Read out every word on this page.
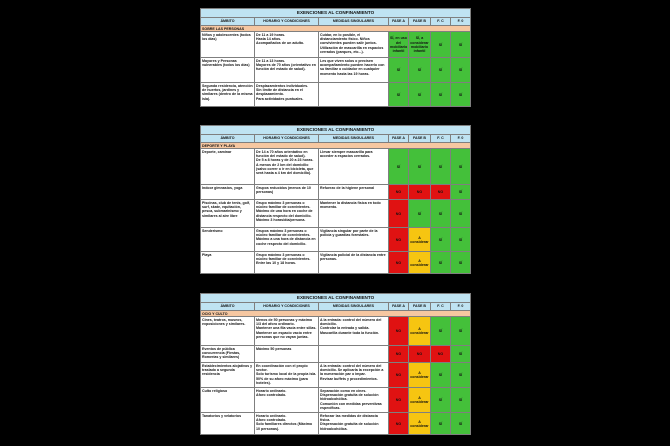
EXENCIONES AL CONFINAMIENTO						
ÁMBITO	HORARIO Y CONDICIONES	MEDIDAS SINGULARES	FASE A	FASE B	F. C	F. 0
SOBRE LAS PERSONAS						
Niños y adolescentes (todos los días)	De 11 a 19 horas.
Hasta 14 años.
Acompañados de un adulto.	Cuidar, en lo posible, el distanciamiento físico. Niños convivientes pueden salir juntos. Utilización de mascarilla en espacios cerrados (parques, etc...).	SÍ, en uso del mobiliario infantil	SÍ, a considerar mobiliario infantil	SÍ	SÍ
Mayores y Personas vulnerables (todos los días)	De 11 a 13 horas.
Mayores de 70 años (orientativo en función del estado de salud).	Les que viven solos o precisen acompañamiento pueden hacerlo con su familiar o cuidador en cualquier momento hasta las 19 horas.	SÍ	SÍ	SÍ	SÍ
Segunda residencia, atención de huertos, jardines y similares (dentro de la misma isla).	Desplazamientos individuales.
Sin límite de distancia en el desplazamiento.
Para actividades puntuales.		SÍ	SÍ	SÍ	SÍ
EXENCIONES AL CONFINAMIENTO						
ÁMBITO	HORARIO Y CONDICIONES	MEDIDAS SINGULARES	FASE A	FASE B	F. C	F. 0
DEPORTE Y PLAYA						
Deporte, caminar	De 14 a 70 años orientativo en función del estado de salud).
De 5 a 8 horas y de 20 a 23 horas.
A menos de 2 km del domicilio (salvo correr o ir en bicicleta, que será hasta a 4 km del domicilio).	Llevar siempre mascarilla para acceder a espacios cerrados.	SÍ	SÍ	SÍ	SÍ
Indoor gimnasios, yoga	Grupos reducidos (menos de 10 personas)	Refuerzo de la higiene personal	NO	NO	NO	SÍ
Piscinas, club de tenis, golf, surf, skate, equitación, pesca, submarinismo y similares al aire libre	Grupo máximo 3 personas o núcleo familiar de convivientes.
Máximo de una hora en coche de distancia respecto del domicilio.
Máximo 3 horas/día/persona.	Mantener la distancia física en todo momento.	NO	SÍ	SÍ	SÍ
Senderismo	Grupos máximo 3 personas o núcleo familiar de convivientes.
Máximo a una hora de distancia en coche respecto del domicilio.	Vigilancia singular por parte de la policía y guardias forestales.	NO	A considerar	SÍ	SÍ
Playa	Grupo máximo 3 personas o núcleo familiar de convivientes.
Entre las 10 y 18 horas.	Vigilancia policial de la distancia entre personas.	NO	A considerar	SÍ	SÍ
EXENCIONES AL CONFINAMIENTO						
ÁMBITO	HORARIO Y CONDICIONES	MEDIDAS SINGULARES	FASE A	FASE B	F. C	F. 0
OCIO Y CULTO						
Cines, teatros, museos, exposiciones y similares.	Menos de 50 personas y máximo 1/3 del aforo ordinario.
Mantener una fila vacía entre sillas.
Mantener un espacio vacío entre personas que no vayan juntas.	A la entrada: control del número del domicilio.
Controlar la entrada y salida.
Mascarilla durante toda la función.	NO	A considerar	SÍ	SÍ
Eventos de pública concurrencia (Fiestas, Romerías y similares)	Máximo 50 personas		NO	NO	NO	SÍ
Establecimientos alojativos y traslado a segunda residencia	En coordinación con el propio sector.
Solo turismo local de la propia isla.
50% de su aforo máximo (para hoteles).	A la entrada: control del número del domicilio. Se aplicarla la excepción a la numeración par o impar.
Revisar buffets y procedimientos.	NO	A considerar	SÍ	SÍ
Culto religioso	Horario ordinario.
Aforo controlado.	Separación como en cines.
Dispensación gratuita de solución hidroalcohólica.
Comunión con medidas preventivas específicas.	NO	A considerar	SÍ	SÍ
Tanatorios y velatorios	Horario ordinario.
Aforo controlado.
Solo familiares directos (Máximo 10 personas).	Reforzar las medidas de distancia física.
Dispensación gratuita de solución hidroalcohólica.	NO	A considerar	SÍ	SÍ
